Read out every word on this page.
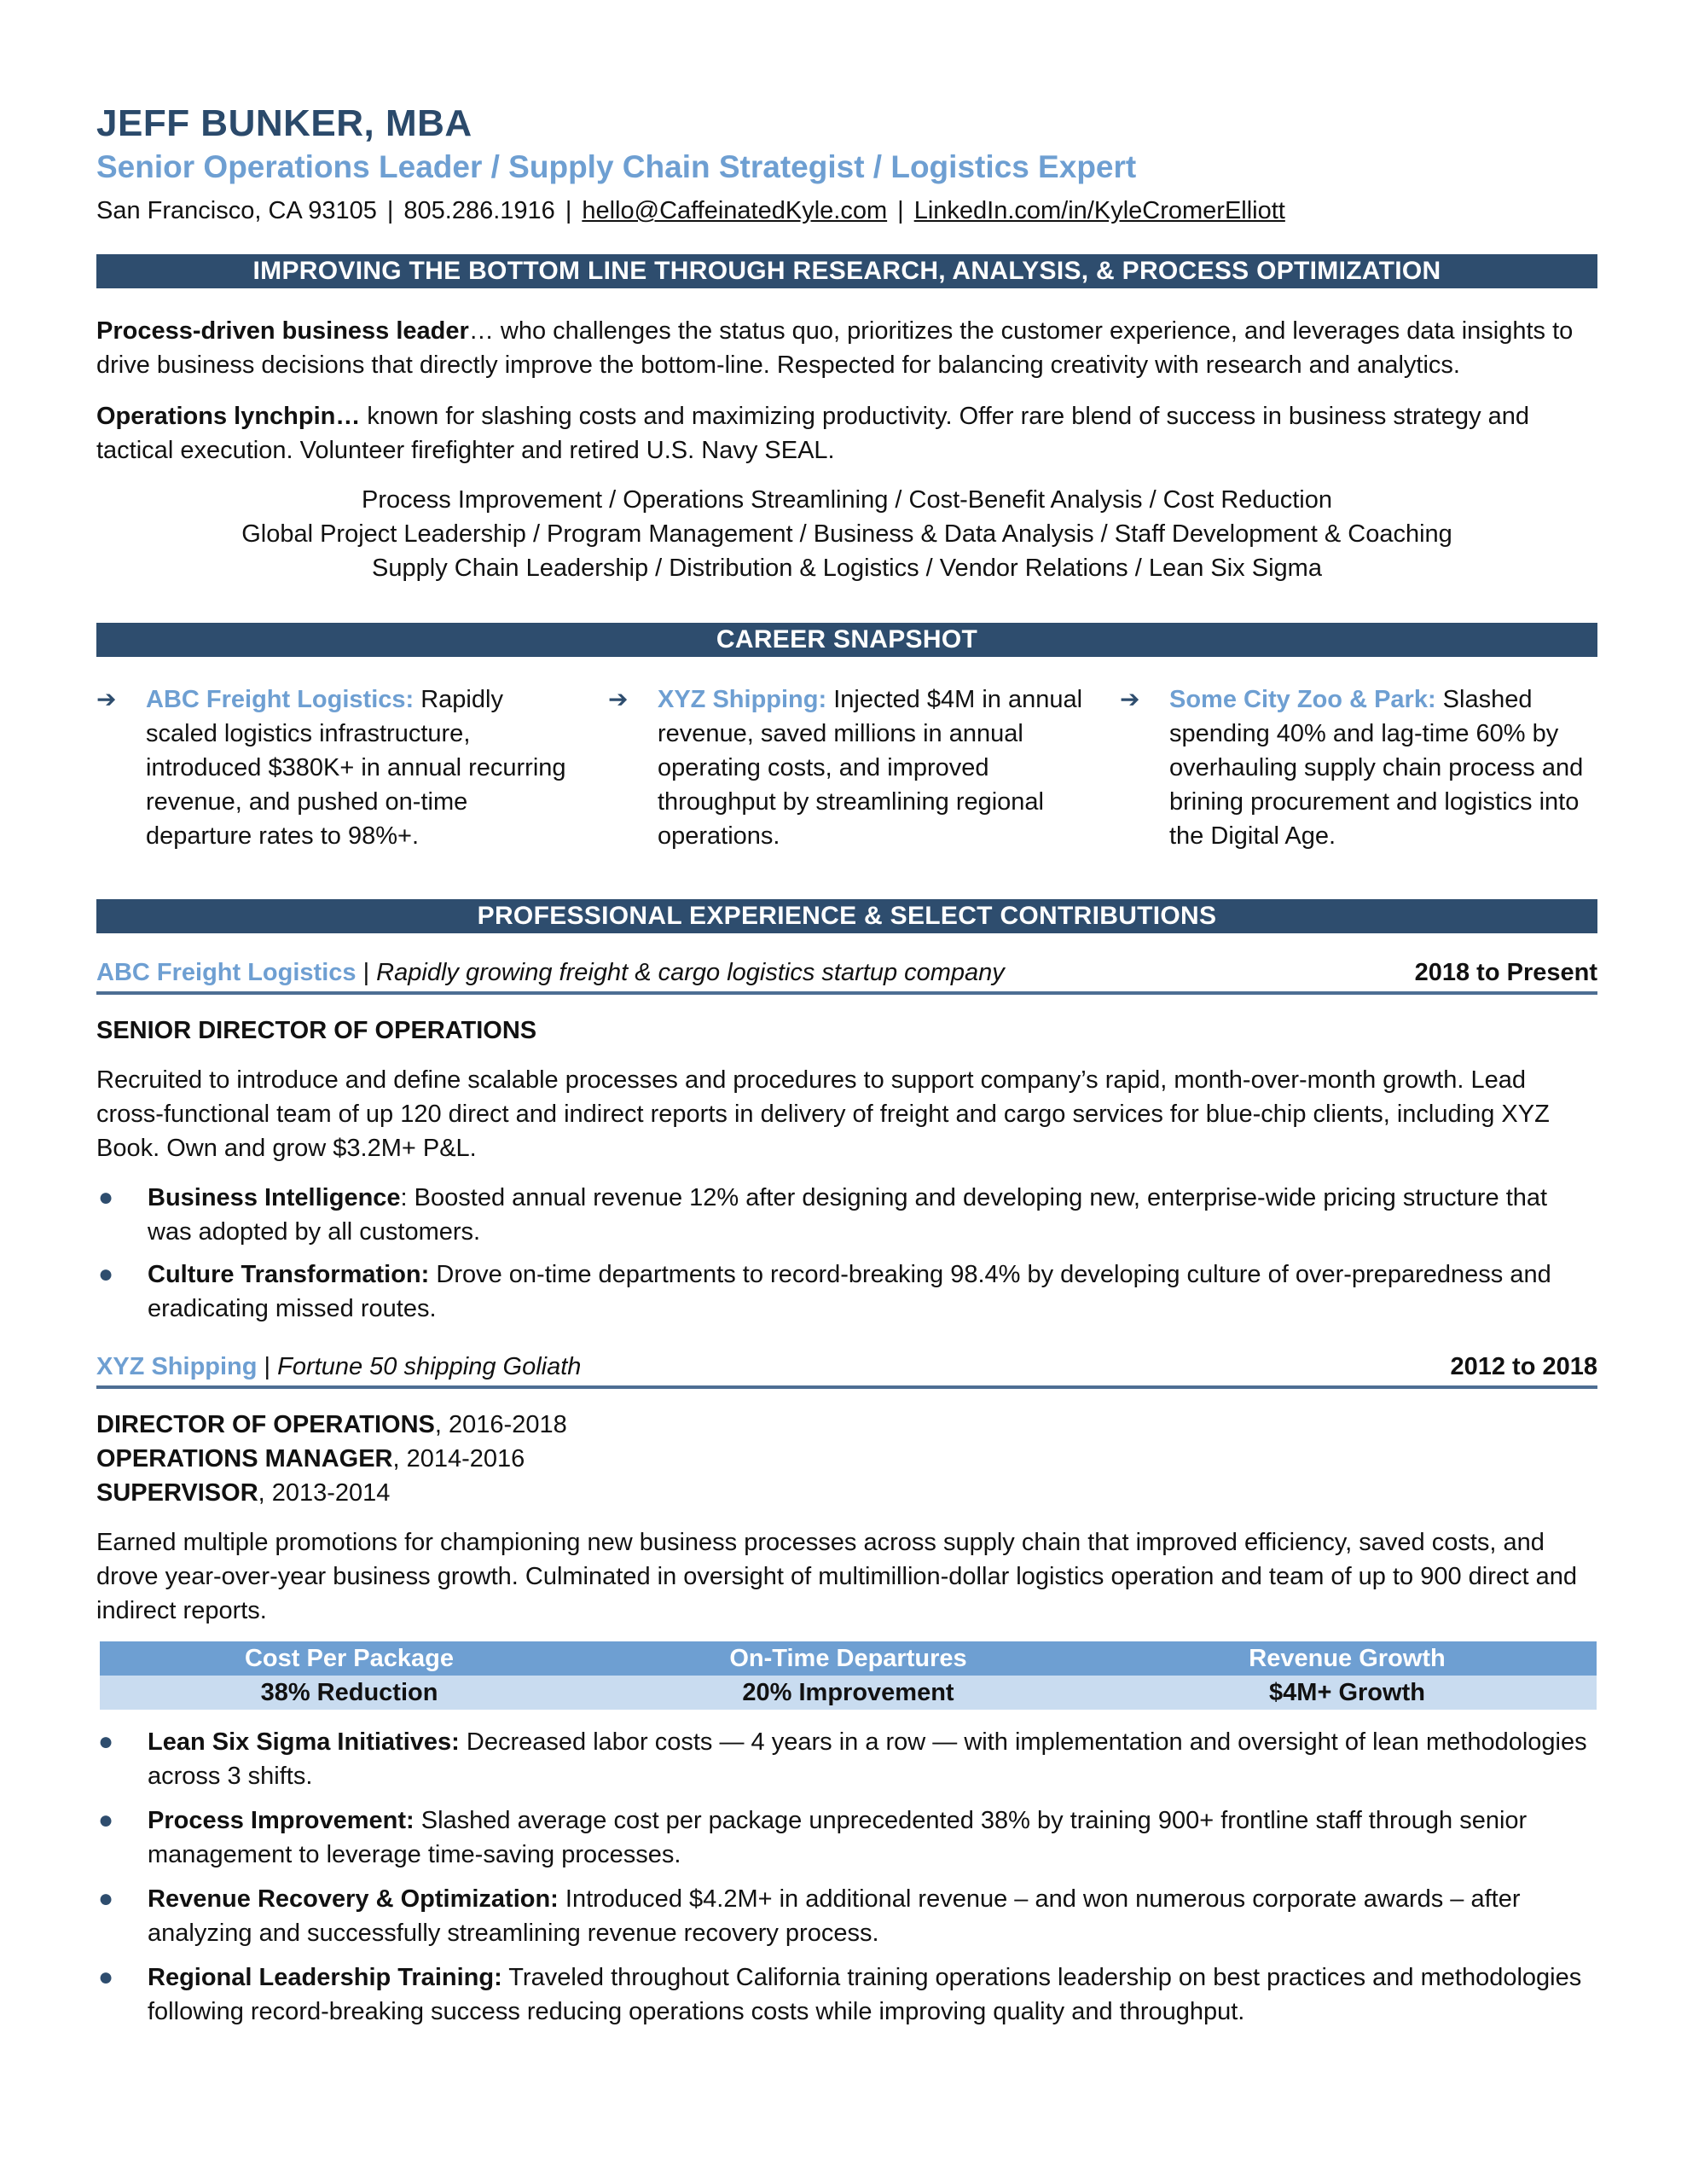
JEFF BUNKER, MBA
Senior Operations Leader / Supply Chain Strategist / Logistics Expert
San Francisco, CA 93105 | 805.286.1916 | hello@CaffeinatedKyle.com | LinkedIn.com/in/KyleCromerElliott
IMPROVING THE BOTTOM LINE THROUGH RESEARCH, ANALYSIS, & PROCESS OPTIMIZATION

Process-driven business leader… who challenges the status quo, prioritizes the customer experience, and leverages data insights to drive business decisions that directly improve the bottom-line. Respected for balancing creativity with research and analytics.

Operations lynchpin… known for slashing costs and maximizing productivity. Offer rare blend of success in business strategy and tactical execution. Volunteer firefighter and retired U.S. Navy SEAL.

Process Improvement / Operations Streamlining / Cost-Benefit Analysis / Cost Reduction
Global Project Leadership / Program Management / Business & Data Analysis / Staff Development & Coaching
Supply Chain Leadership / Distribution & Logistics / Vendor Relations / Lean Six Sigma
CAREER SNAPSHOT
➔	ABC Freight Logistics: Rapidly scaled logistics infrastructure, introduced $380K+ in annual recurring revenue, and pushed on-time departure rates to 98%+.
➔	XYZ Shipping: Injected $4M in annual revenue, saved millions in annual operating costs, and improved throughput by streamlining regional operations.
➔	Some City Zoo & Park: Slashed spending 40% and lag-time 60% by overhauling supply chain process and brining procurement and logistics into the Digital Age.
PROFESSIONAL EXPERIENCE & SELECT CONTRIBUTIONS
ABC Freight Logistics | Rapidly growing freight & cargo logistics startup company	2018 to Present
SENIOR DIRECTOR OF OPERATIONS

Recruited to introduce and define scalable processes and procedures to support company’s rapid, month-over-month growth. Lead cross-functional team of up 120 direct and indirect reports in delivery of freight and cargo services for blue-chip clients, including XYZ Book. Own and grow $3.2M+ P&L.

●	Business Intelligence: Boosted annual revenue 12% after designing and developing new, enterprise-wide pricing structure that was adopted by all customers.
●	Culture Transformation: Drove on-time departments to record-breaking 98.4% by developing culture of over-preparedness and eradicating missed routes.
XYZ Shipping | Fortune 50 shipping Goliath	2012 to 2018
DIRECTOR OF OPERATIONS, 2016-2018
OPERATIONS MANAGER, 2014-2016
SUPERVISOR, 2013-2014

Earned multiple promotions for championing new business processes across supply chain that improved efficiency, saved costs, and drove year-over-year business growth. Culminated in oversight of multimillion-dollar logistics operation and team of up to 900 direct and indirect reports.

Cost Per Package	On-Time Departures	Revenue Growth
38% Reduction	20% Improvement	$4M+ Growth
●	Lean Six Sigma Initiatives: Decreased labor costs — 4 years in a row — with implementation and oversight of lean methodologies across 3 shifts.
●	Process Improvement: Slashed average cost per package unprecedented 38% by training 900+ frontline staff through senior management to leverage time-saving processes.
●	Revenue Recovery & Optimization: Introduced $4.2M+ in additional revenue – and won numerous corporate awards – after analyzing and successfully streamlining revenue recovery process.
●	Regional Leadership Training: Traveled throughout California training operations leadership on best practices and methodologies following record-breaking success reducing operations costs while improving quality and throughput.
